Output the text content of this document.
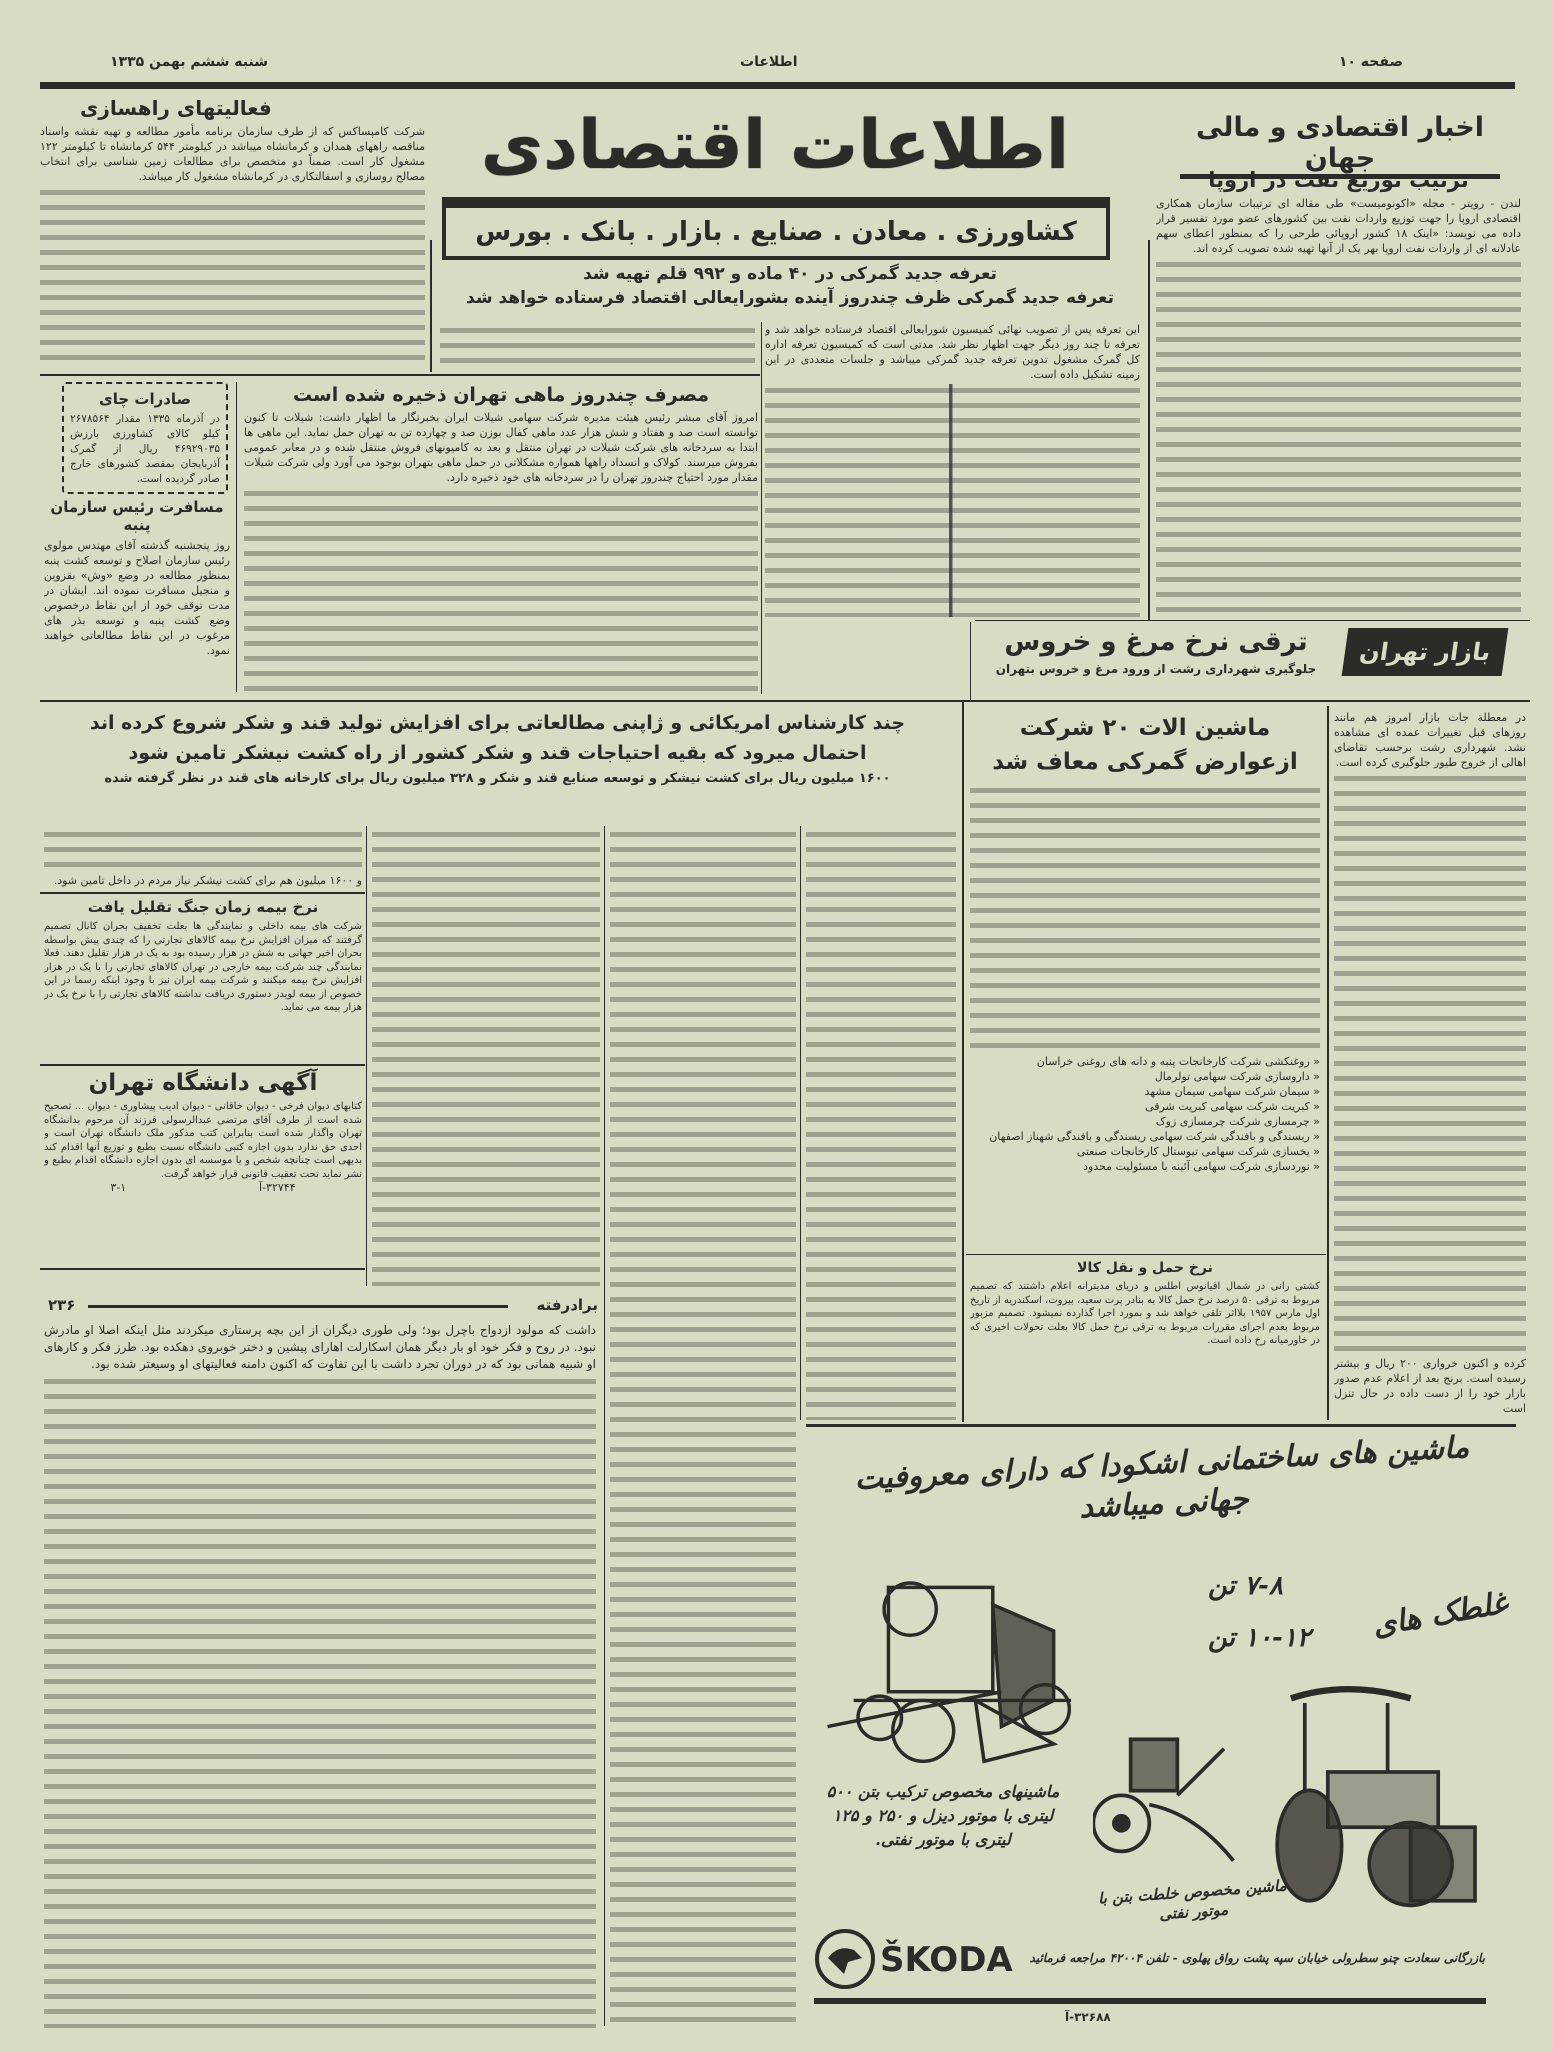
صفحه ۱۰
اطلاعات
شنبه ششم بهمن ۱۳۳۵
فعالیتهای راهسازی

شرکت کامپساکس که از طرف سازمان برنامه مأمور مطالعه و تهیه نقشه واسناد مناقصه راههای همدان و کرمانشاه میباشد در کیلومتر ۵۴۴ کرمانشاه تا کیلومتر ۱۲۲ مشغول کار است. ضمناً دو متخصص برای مطالعات زمین شناسی برای انتخاب مصالح روسازی و اسفالتکاری در کرمانشاه مشغول کار میباشد. اطلاعات اقتصادی
کشاورزی . معادن . صنایع . بازار . بانک . بورس
تعرفه جدید گمرکی در ۴۰ ماده و ۹۹۲ قلم تهیه شد
تعرفه جدید گمرکی ظرف چندروز آینده بشورایعالی اقتصاد فرستاده خواهد شد

این تعرفه پس از تصویب نهائی کمیسیون شورایعالی اقتصاد فرستاده خواهد شد و تعرفه تا چند روز دیگر جهت اظهار نظر شد. مدتی است که کمیسیون تعرفه اداره کل گمرک مشغول تدوین تعرفه جدید گمرکی میباشد و جلسات متعددی در این زمینه تشکیل داده است.

صادرات چای

در آذرماه ۱۳۳۵ مقدار ۲۶۷۸۵۶۴ کیلو کالای کشاورزی بارزش ۴۶۹۲۹۰۳۵ ریال از گمرک آذربایجان بمقصد کشورهای خارج صادر گردیده است.

مسافرت رئیس سازمان پنبه

روز پنجشنبه گذشته آقای مهندس مولوی رئیس سازمان اصلاح و توسعه کشت پنبه بمنظور مطالعه در وضع «وش» بقزوین و منجیل مسافرت نموده اند. ایشان در مدت توقف خود از این نقاط درخصوص وضع کشت پنبه و توسعه بذر های مرغوب در این نقاط مطالعاتی خواهند نمود.

مصرف چندروز ماهی تهران ذخیره شده است

امروز آقای مبشر رئیس هیئت مدیره شرکت سهامی شیلات ایران بخبرنگار ما اظهار داشت: شیلات تا کنون توانسته است صد و هفتاد و شش هزار عدد ماهی کفال بوزن صد و چهارده تن به تهران حمل نماید. این ماهی ها ابتدا به سردخانه های شرکت شیلات در تهران منتقل و بعد به کامیونهای فروش منتقل شده و در معابر عمومی بفروش میرسند. کولاک و انسداد راهها همواره مشکلاتی در حمل ماهی بتهران بوجود می آورد ولی شرکت شیلات مقدار مورد احتیاج چندروز تهران را در سردخانه های خود ذخیره دارد.

اخبار اقتصادی و مالی جهان
ترتیب توزیع نفت در اروپا

لندن - رویتر - مجله «اکونومیست» طی مقاله ای ترتیبات سازمان همکاری اقتصادی اروپا را جهت توزیع واردات نفت بین کشورهای عضو مورد تفسیر قرار داده می نویسد: «اینک ۱۸ کشور اروپائی طرحی را که بمنظور اعطای سهم عادلانه ای از واردات نفت اروپا بهر یک از آنها تهیه شده تصویب کرده اند.

ترقی نرخ مرغ و خروس
جلوگیری شهرداری رشت از ورود مرغ و خروس بتهران
بازار تهران
چند کارشناس امریکائی و ژاپنی مطالعاتی برای افزایش تولید قند و شکر شروع کرده اند
احتمال میرود که بقیه احتیاجات قند و شکر کشور از راه کشت نیشکر تامین شود
۱۶۰۰ میلیون ریال برای کشت نیشکر و توسعه صنایع قند و شکر و ۳۲۸ میلیون ریال برای کارخانه های قند در نظر گرفته شده

و ۱۶۰۰ میلیون هم برای کشت نیشکر نیاز مردم در داخل تامین شود.

نرخ بیمه زمان جنگ تقلیل یافت

شرکت های بیمه داخلی و نمایندگی ها بعلت تخفیف بحران کانال تصمیم گرفتند که میزان افزایش نرخ بیمه کالاهای تجارتی را که چندی پیش بواسطه بحران اخیر جهانی به شش در هزار رسیده بود به یک در هزار تقلیل دهند. فعلا نمایندگی چند شرکت بیمه خارجی در تهران کالاهای تجارتی را با یک در هزار افزایش نرخ بیمه میکنند و شرکت بیمه ایران نیز با وجود اینکه رسما در این خصوص از بیمه لویدز دستوری دریافت نداشته کالاهای تجارتی را با نرخ یک در هزار بیمه می نماید.

آگهی دانشگاه تهران

کتابهای دیوان فرخی - دیوان خاقانی - دیوان ادیب پیشاوری - دیوان ... تصحیح شده است از طرف آقای مرتضی عبدالرسولی فرزند آن مرحوم بدانشگاه تهران واگذار شده است بنابراین کتب مذکور ملک دانشگاه تهران است و احدی حق ندارد بدون اجازه کتبی دانشگاه نسبت بطبع و توزیع آنها اقدام کند بدیهی است چنانچه شخص و یا موسسه ای بدون اجازه دانشگاه اقدام بطبع و نشر نماید تحت تعقیب قانونی قرار خواهد گرفت.

۳۲۷۴۴-آ
۳-۱
۲۳۶	برادرفته

داشت که مولود ازدواج باچرل بود؛ ولی طوری دیگران از این بچه پرستاری میکردند مثل اینکه اصلا او مادرش نبود. در روح و فکر خود او بار دیگر همان اسکارلت اهارای پیشین و دختر خوبروی دهکده بود. طرز فکر و کارهای او شبیه همانی بود که در دوران تجرد داشت با این تفاوت که اکنون دامنه فعالیتهای او وسیعتر شده بود.

ماشین الات ۲۰ شرکت
ازعوارض گمرکی معاف شد
« روغنکشی شرکت کارخانجات پنبه و دانه های روغنی خراسان
« داروسازی شرکت سهامی تولرمال
« سیمان شرکت سهامی سیمان مشهد
« کبریت شرکت سهامی کبریت شرقی
« چرمسازی شرکت چرمسازی زوک
« ریسندگی و بافندگی شرکت سهامی ریسندگی و بافندگی شهناز اصفهان
« یخسازی شرکت سهامی تیوستال کارخانجات صنعتی
« نوردسازی شرکت سهامی آئینه با مسئولیت محدود
نرخ حمل و نقل کالا

کشتی رانی در شمال اقیانوس اطلس و دریای مدیترانه اعلام داشتند که تصمیم مربوط به ترقی ۵۰ درصد نرخ حمل کالا به بنادر پرت سعید، بیروت، اسکندریه از تاریخ اول مارس ۱۹۵۷ بلااثر تلقی خواهد شد و بمورد اجرا گذارده نمیشود. تصمیم مزبور مربوط بعدم اجرای مقررات مربوط به ترقی نرخ حمل کالا بعلت تحولات اخیری که در خاورمیانه رخ داده است.

در معطلة جات بازار امروز هم مانند روزهای قبل تغییرات عمده ای مشاهده نشد. شهرداری رشت برحسب تقاضای اهالی از خروج طیور جلوگیری کرده است.

کرده و اکنون خرواری ۲۰۰ ریال و بیشتر رسیده است. برنج بعد از اعلام عدم صدور بازار خود را از دست داده در حال تنزل است

ماشین های ساختمانی اشکودا که دارای معروفیت جهانی میباشد
ماشینهای مخصوص ترکیب بتن ۵۰۰ لیتری با موتور دیزل و ۲۵۰ و ۱۲۵ لیتری با موتور نفتی.
ماشین مخصوص خلطت بتن با موتور نفتی
غلطک های
۷-۸ تن
۱۰-۱۲ تن
ŠKODA	بازرگانی سعادت چنو سطرولی خیابان سپه پشت رواق پهلوی - تلفن ۴۲۰۰۴ مراجعه فرمائید
۳۲۶۸۸-آ
